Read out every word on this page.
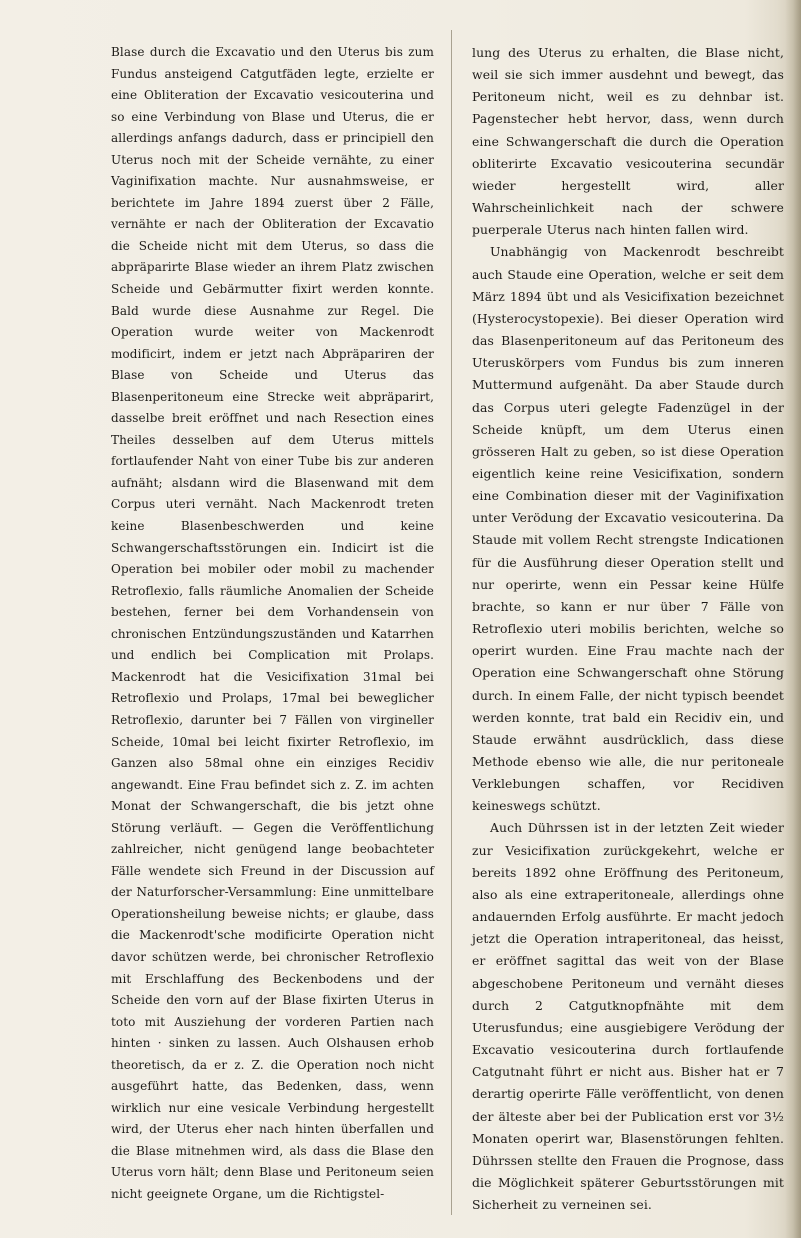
Blase durch die Excavatio und den Uterus bis zum Fundus ansteigend Catgutfäden legte, erzielte er eine Obliteration der Excavatio vesicouterina und so eine Verbindung von Blase und Uterus, die er allerdings anfangs dadurch, dass er principiell den Uterus noch mit der Scheide vernähte, zu einer Vaginifixation machte. Nur ausnahmsweise, er berichtete im Jahre 1894 zuerst über 2 Fälle, vernähte er nach der Obliteration der Excavatio die Scheide nicht mit dem Uterus, so dass die abpräparirte Blase wieder an ihrem Platz zwischen Scheide und Gebärmutter fixirt werden konnte. Bald wurde diese Ausnahme zur Regel. Die Operation wurde weiter von Mackenrodt modificirt, indem er jetzt nach Abpräpariren der Blase von Scheide und Uterus das Blasenperitoneum eine Strecke weit abpräparirt, dasselbe breit eröffnet und nach Resection eines Theiles desselben auf dem Uterus mittels fortlaufender Naht von einer Tube bis zur anderen aufnäht; alsdann wird die Blasenwand mit dem Corpus uteri vernäht. Nach Mackenrodt treten keine Blasenbeschwerden und keine Schwangerschaftsstörungen ein. Indicirt ist die Operation bei mobiler oder mobil zu machender Retroflexio, falls räumliche Anomalien der Scheide bestehen, ferner bei dem Vorhandensein von chronischen Entzündungszuständen und Katarrhen und endlich bei Complication mit Prolaps. Mackenrodt hat die Vesicifixation 31mal bei Retroflexio und Prolaps, 17mal bei beweglicher Retroflexio, darunter bei 7 Fällen von virgineller Scheide, 10mal bei leicht fixirter Retroflexio, im Ganzen also 58mal ohne ein einziges Recidiv angewandt. Eine Frau befindet sich z. Z. im achten Monat der Schwangerschaft, die bis jetzt ohne Störung verläuft. — Gegen die Veröffentlichung zahlreicher, nicht genügend lange beobachteter Fälle wendete sich Freund in der Discussion auf der Naturforscher-Versammlung: Eine unmittelbare Operationsheilung beweise nichts; er glaube, dass die Mackenrodt'sche modificirte Operation nicht davor schützen werde, bei chronischer Retroflexio mit Erschlaffung des Beckenbodens und der Scheide den vorn auf der Blase fixirten Uterus in toto mit Ausziehung der vorderen Partien nach hinten · sinken zu lassen. Auch Olshausen erhob theoretisch, da er z. Z. die Operation noch nicht ausgeführt hatte, das Bedenken, dass, wenn wirklich nur eine vesicale Verbindung hergestellt wird, der Uterus eher nach hinten überfallen und die Blase mitnehmen wird, als dass die Blase den Uterus vorn hält; denn Blase und Peritoneum seien nicht geeignete Organe, um die Richtigstel-

lung des Uterus zu erhalten, die Blase nicht, weil sie sich immer ausdehnt und bewegt, das Peritoneum nicht, weil es zu dehnbar ist. Pagenstecher hebt hervor, dass, wenn durch eine Schwangerschaft die durch die Operation obliterirte Excavatio vesicouterina secundär wieder hergestellt wird, aller Wahrscheinlichkeit nach der schwere puerperale Uterus nach hinten fallen wird.

Unabhängig von Mackenrodt beschreibt auch Staude eine Operation, welche er seit dem März 1894 übt und als Vesicifixation bezeichnet (Hysterocystopexie). Bei dieser Operation wird das Blasenperitoneum auf das Peritoneum des Uteruskörpers vom Fundus bis zum inneren Muttermund aufgenäht. Da aber Staude durch das Corpus uteri gelegte Fadenzügel in der Scheide knüpft, um dem Uterus einen grösseren Halt zu geben, so ist diese Operation eigentlich keine reine Vesicifixation, sondern eine Combination dieser mit der Vaginifixation unter Verödung der Excavatio vesicouterina. Da Staude mit vollem Recht strengste Indicationen für die Ausführung dieser Operation stellt und nur operirte, wenn ein Pessar keine Hülfe brachte, so kann er nur über 7 Fälle von Retroflexio uteri mobilis berichten, welche so operirt wurden. Eine Frau machte nach der Operation eine Schwangerschaft ohne Störung durch. In einem Falle, der nicht typisch beendet werden konnte, trat bald ein Recidiv ein, und Staude erwähnt ausdrücklich, dass diese Methode ebenso wie alle, die nur peritoneale Verklebungen schaffen, vor Recidiven keineswegs schützt.

Auch Dührssen ist in der letzten Zeit wieder zur Vesicifixation zurückgekehrt, welche er bereits 1892 ohne Eröffnung des Peritoneum, also als eine extraperitoneale, allerdings ohne andauernden Erfolg ausführte. Er macht jedoch jetzt die Operation intraperitoneal, das heisst, er eröffnet sagittal das weit von der Blase abgeschobene Peritoneum und vernäht dieses durch 2 Catgutknopfnähte mit dem Uterusfundus; eine ausgiebigere Verödung der Excavatio vesicouterina durch fortlaufende Catgutnaht führt er nicht aus. Bisher hat er 7 derartig operirte Fälle veröffentlicht, von denen der älteste aber bei der Publication erst vor 3½ Monaten operirt war, Blasenstörungen fehlten. Dührssen stellte den Frauen die Prognose, dass die Möglichkeit späterer Geburtsstörungen mit Sicherheit zu verneinen sei.
